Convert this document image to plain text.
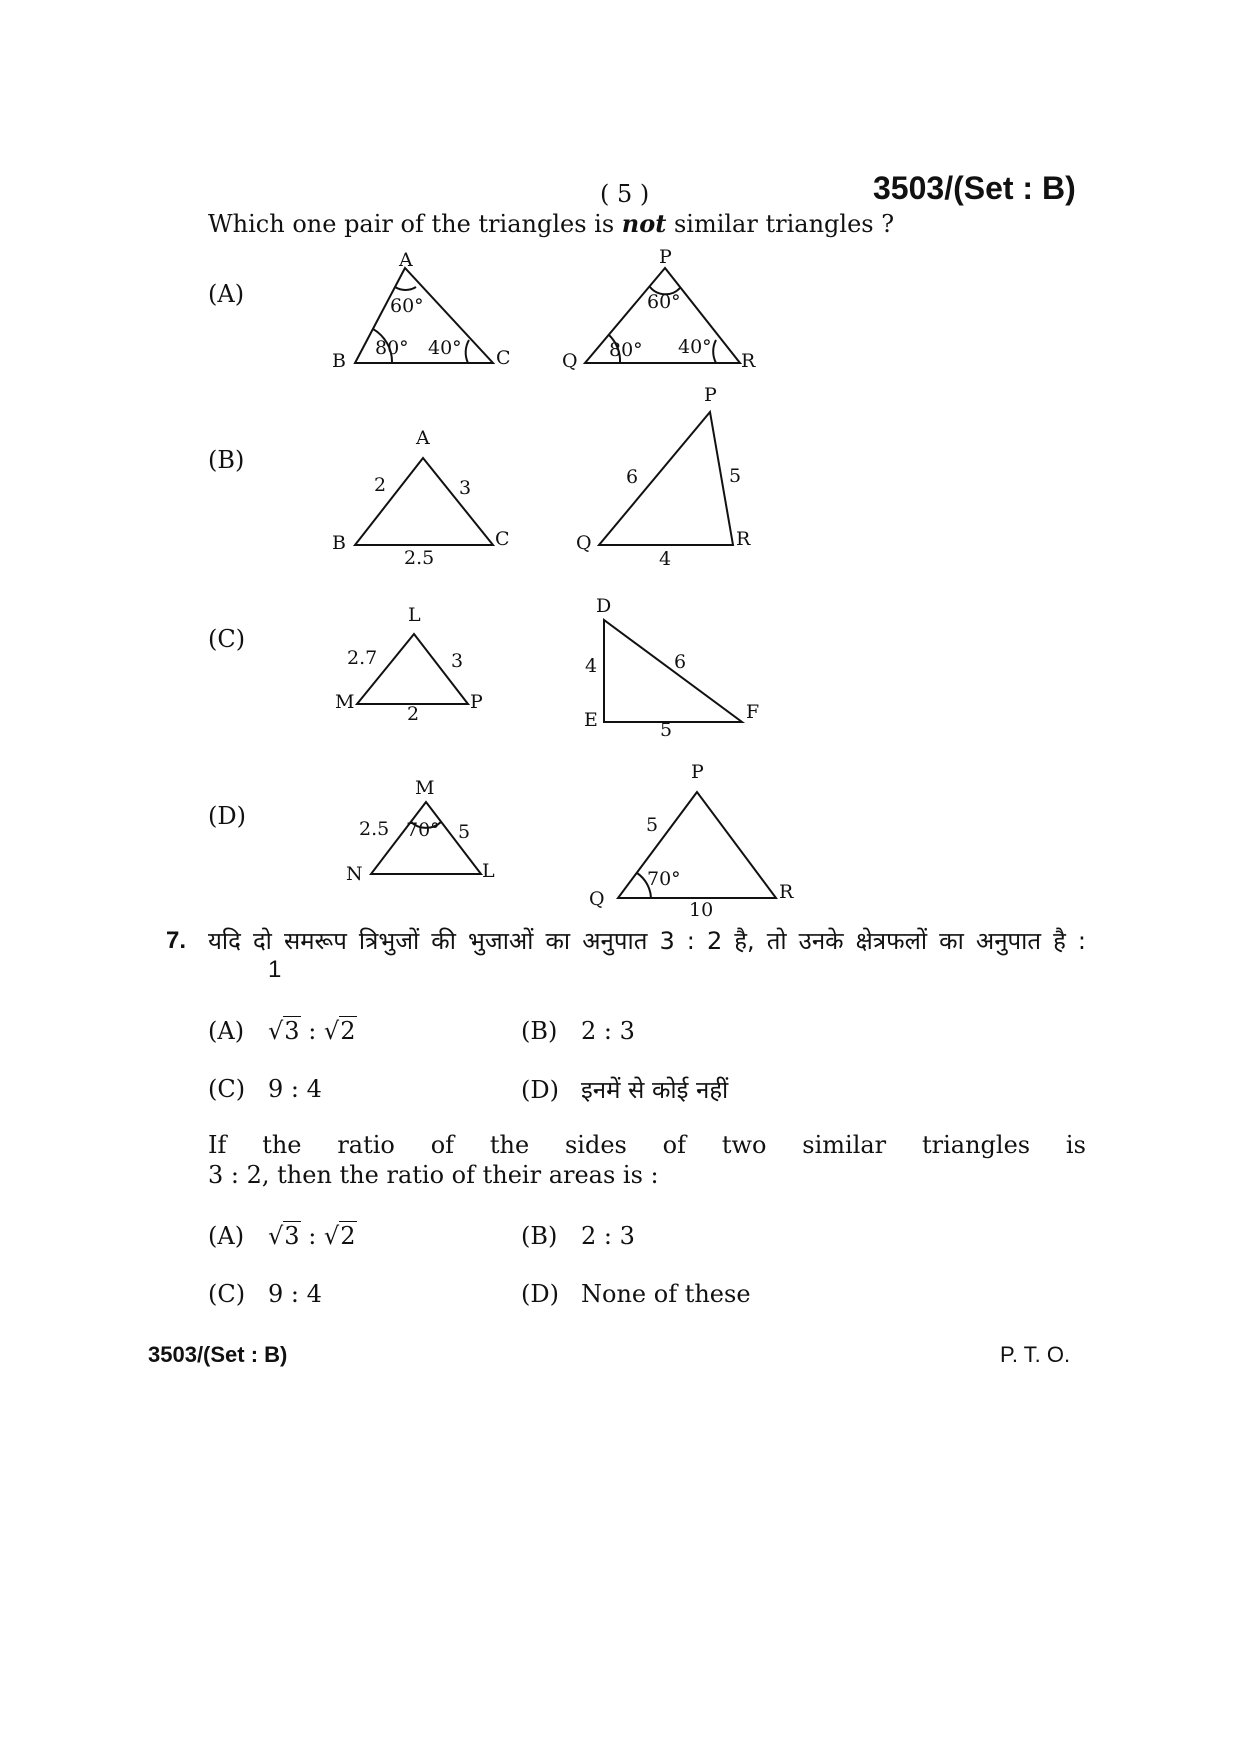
( 5 )	3503/(Set : B)
Which one pair of the triangles is not similar triangles ?
(A)
(B)
(C)
(D)
A
B	C
60°
80° 40°
P
Q	R
60°
80° 40°
A
B	C
2	3
2.5
P
Q	R
6	5
4
L
M	P
2.7	3
2
D
E	F
4	6
5
M
N	L
2.5	5
70°
P
Q	R
5
10
70°
7. यदि दो समरूप त्रिभुजों की भुजाओं का अनुपात 3 : 2 है, तो उनके क्षेत्रफलों का अनुपात है :
1
(A) √3 : √2	(B) 2 : 3
(C) 9 : 4	(D) इनमें से कोई नहीं
If the ratio of the sides of two similar triangles is
3 : 2, then the ratio of their areas is :
(A) √3 : √2	(B) 2 : 3
(C) 9 : 4	(D) None of these
3503/(Set : B)	P. T. O.
